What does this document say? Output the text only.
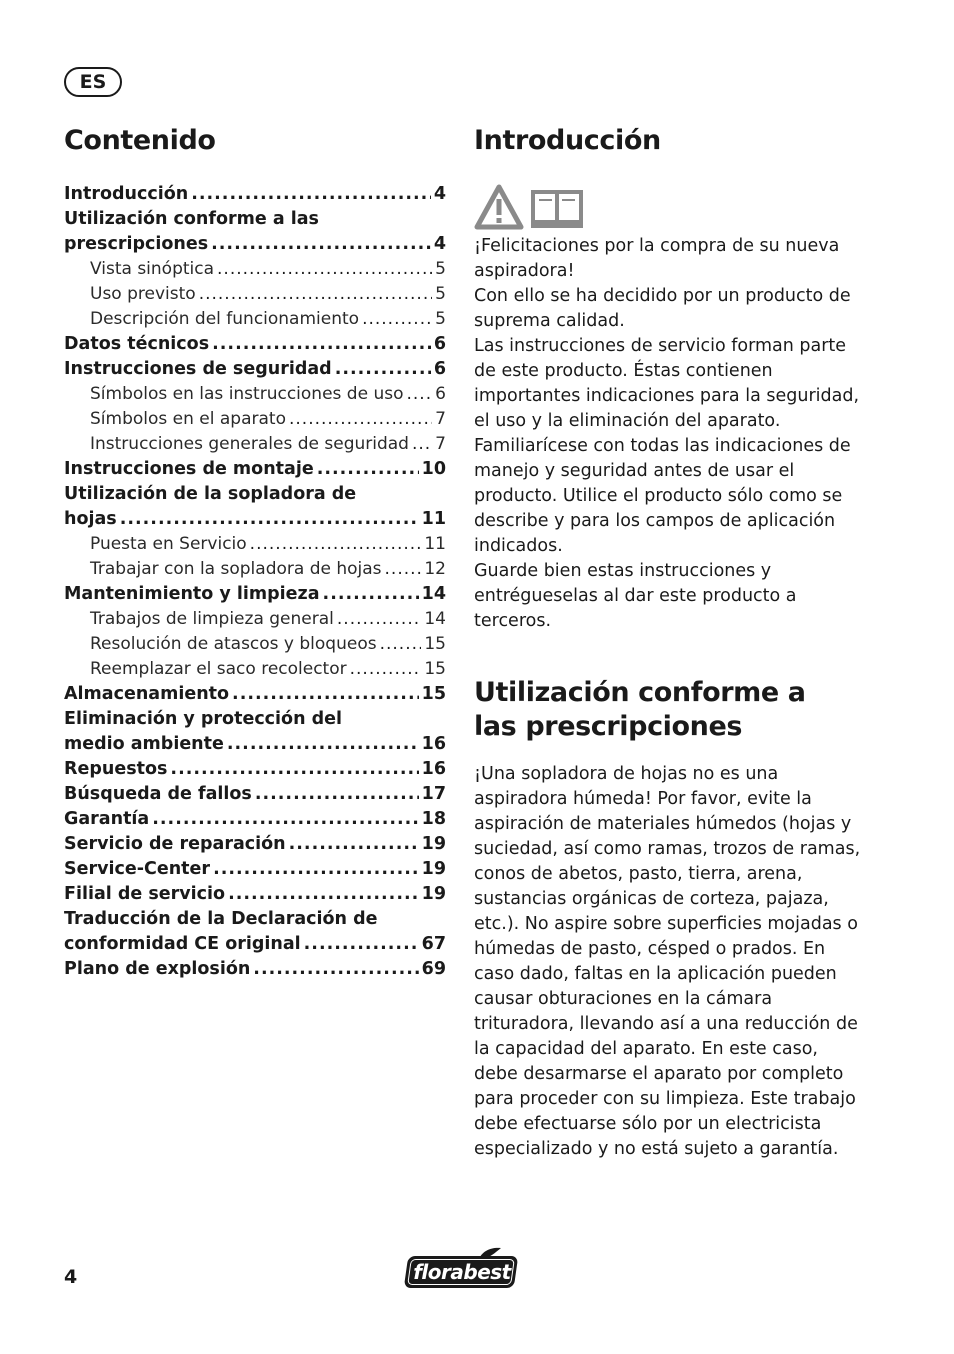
ES
Contenido
Introducción .....	4
Utilización conforme a las
prescripciones .....	4
Vista sinóptica .....	5
Uso previsto .....	5
Descripción del funcionamiento .....	5
Datos técnicos .....	6
Instrucciones de seguridad .....	6
Símbolos en las instrucciones de uso ..... 6
Símbolos en el aparato .....	7
Instrucciones generales de seguridad ..... 7
Instrucciones de montaje .....	10
Utilización de la sopladora de
hojas .....	11
Puesta en Servicio .....	11
Trabajar con la sopladora de hojas .....	12
Mantenimiento y limpieza .....	14
Trabajos de limpieza general .....	14
Resolución de atascos y bloqueos .....	15
Reemplazar el saco recolector .....	15
Almacenamiento .....	15
Eliminación y protección del
medio ambiente .....	16
Repuestos .....	16
Búsqueda de fallos .....	17
Garantía .....	18
Servicio de reparación .....	19
Service-Center .....	19
Filial de servicio .....	19
Traducción de la Declaración de
conformidad CE original .....	67
Plano de explosión .....	69
Introducción
¡Felicitaciones por la compra de su nueva aspiradora!
Con ello se ha decidido por un producto de suprema calidad.
Las instrucciones de servicio forman parte de este producto. Éstas contienen importantes indicaciones para la seguridad, el uso y la eliminación del aparato. Familiarícese con todas las indicaciones de manejo y seguridad antes de usar el producto. Utilice el producto sólo como se describe y para los campos de aplicación indicados.
Guarde bien estas instrucciones y entrégueselas al dar este producto a terceros.
Utilización conforme a
las prescripciones

¡Una sopladora de hojas no es una aspiradora húmeda! Por favor, evite la aspiración de materiales húmedos (hojas y suciedad, así como ramas, trozos de ramas, conos de abetos, pasto, tierra, arena, sustancias orgánicas de corteza, pajaza, etc.). No aspire sobre superficies mojadas o húmedas de pasto, césped o prados. En caso dado, faltas en la aplicación pueden causar obturaciones en la cámara trituradora, llevando así a una reducción de la capacidad del aparato. En este caso, debe desarmarse el aparato por completo para proceder con su limpieza. Este trabajo debe efectuarse sólo por un electricista especializado y no está sujeto a garantía.

4	florabest
